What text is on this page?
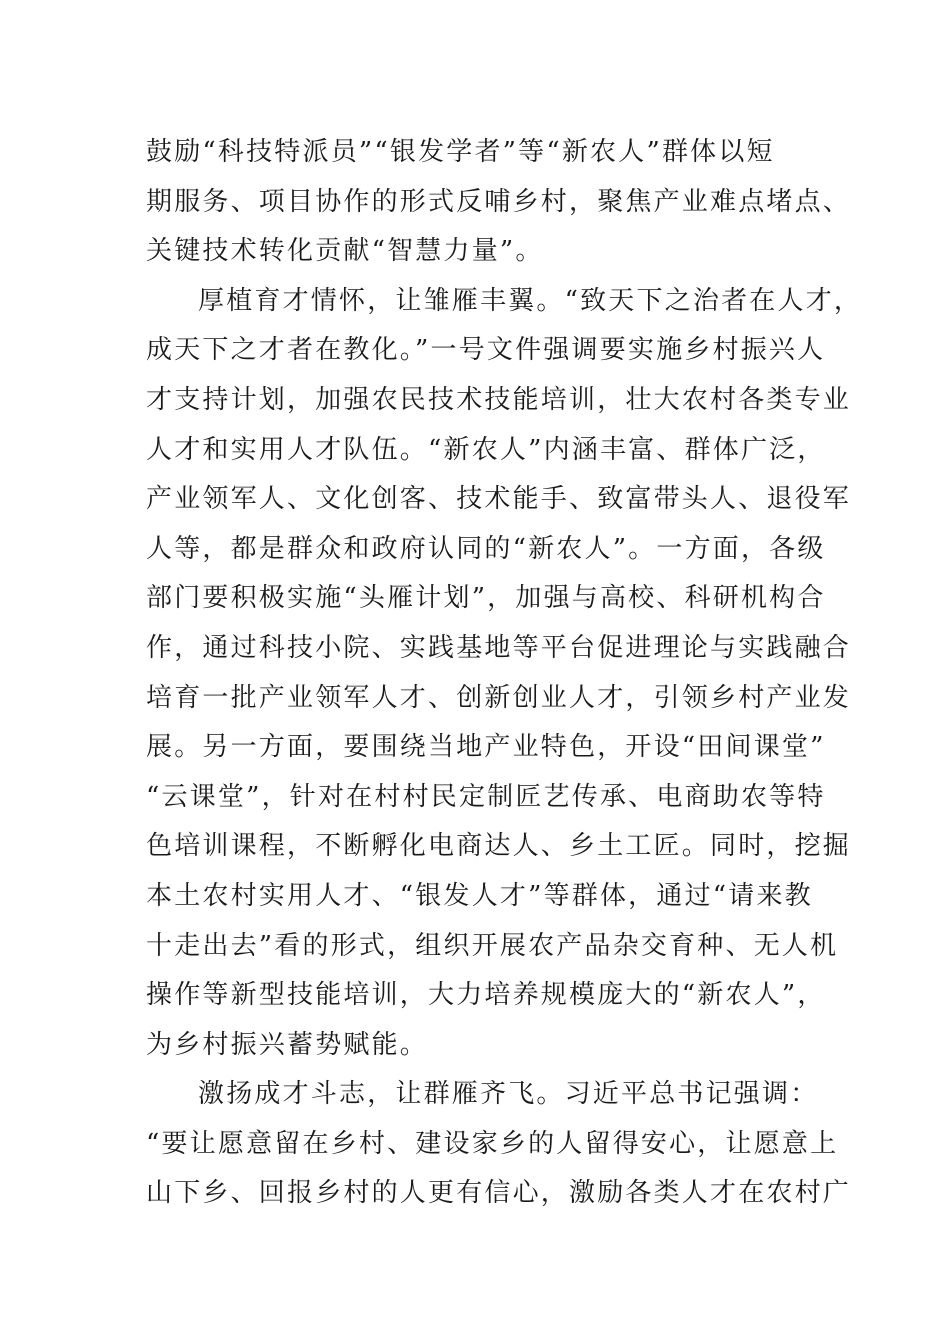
鼓励“科技特派员”“银发学者”等“新农人”群体以短
期服务、项目协作的形式反哺乡村，聚焦产业难点堵点、
关键技术转化贡献“智慧力量”。
厚植育才情怀，让雏雁丰翼。“致天下之治者在人才，
成天下之才者在教化。”一号文件强调要实施乡村振兴人
才支持计划，加强农民技术技能培训，壮大农村各类专业
人才和实用人才队伍。“新农人”内涵丰富、群体广泛，
产业领军人、文化创客、技术能手、致富带头人、退役军
人等，都是群众和政府认同的“新农人”。一方面，各级
部门要积极实施“头雁计划”，加强与高校、科研机构合
作，通过科技小院、实践基地等平台促进理论与实践融合
培育一批产业领军人才、创新创业人才，引领乡村产业发
展。另一方面，要围绕当地产业特色，开设“田间课堂”
“云课堂”，针对在村村民定制匠艺传承、电商助农等特
色培训课程，不断孵化电商达人、乡土工匠。同时，挖掘
本土农村实用人才、“银发人才”等群体，通过“请来教
十走出去”看的形式，组织开展农产品杂交育种、无人机
操作等新型技能培训，大力培养规模庞大的“新农人”，
为乡村振兴蓄势赋能。
激扬成才斗志，让群雁齐飞。习近平总书记强调：
“要让愿意留在乡村、建设家乡的人留得安心，让愿意上
山下乡、回报乡村的人更有信心，激励各类人才在农村广
